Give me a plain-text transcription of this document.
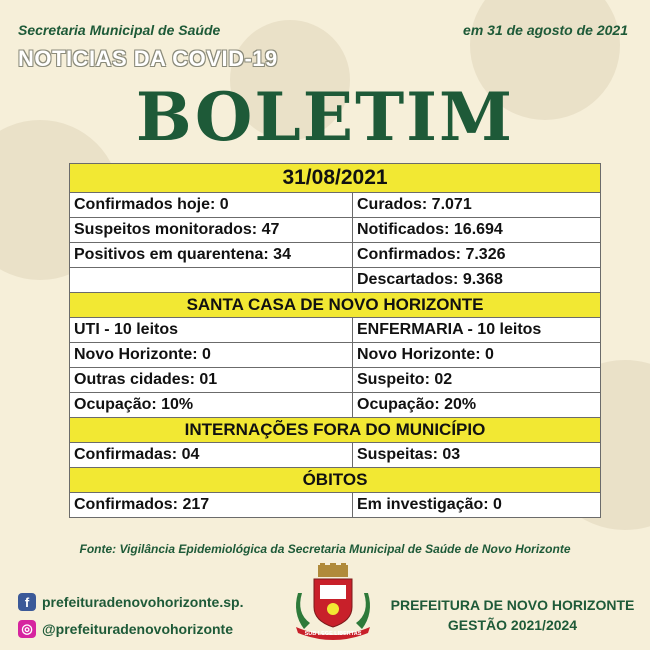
Secretaria Municipal de Saúde	em 31 de agosto de 2021
NOTICIAS DA COVID-19
BOLETIM
31/08/2021	
Confirmados hoje: 0	Curados: 7.071
Suspeitos monitorados: 47	Notificados: 16.694
Positivos em quarentena: 34	Confirmados: 7.326
	Descartados: 9.368
SANTA CASA DE NOVO HORIZONTE	
UTI - 10 leitos	ENFERMARIA - 10 leitos
Novo Horizonte: 0	Novo Horizonte: 0
Outras cidades: 01	Suspeito: 02
Ocupação: 10%	Ocupação: 20%
INTERNAÇÕES FORA DO MUNICÍPIO	
Confirmadas: 04	Suspeitas: 03
ÓBITOS	
Confirmados: 217	Em investigação: 0
Fonte: Vigilância Epidemiológica da Secretaria Municipal de Saúde de Novo Horizonte
f prefeituradenovohorizonte.sp.
◎ @prefeituradenovohorizonte	SUB LEGE LIBERTAS
PREFEITURA DE NOVO HORIZONTE
GESTÃO 2021/2024
